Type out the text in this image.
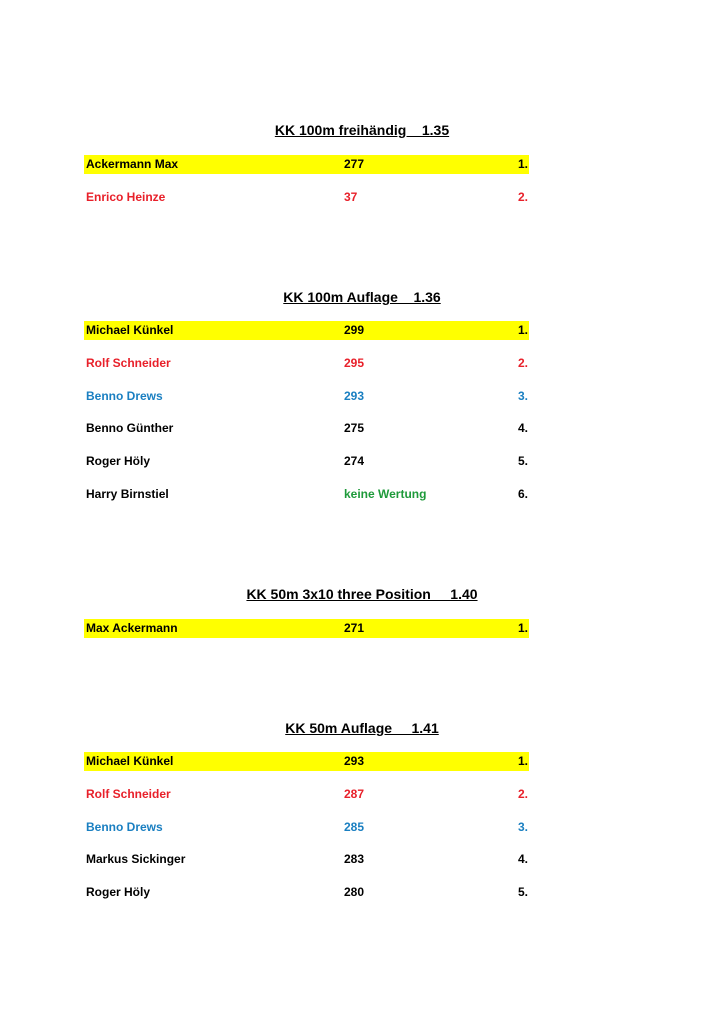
KK 100m freihändig    1.35
Ackermann Max	277	1.
Enrico Heinze	37	2.
KK 100m Auflage    1.36
Michael Künkel	299	1.
Rolf Schneider	295	2.
Benno Drews	293	3.
Benno Günther	275	4.
Roger Höly	274	5.
Harry Birnstiel	keine Wertung	6.
KK 50m 3x10 three Position     1.40
Max Ackermann	271	1.
KK 50m Auflage     1.41
Michael Künkel	293	1.
Rolf Schneider	287	2.
Benno Drews	285	3.
Markus Sickinger	283	4.
Roger Höly	280	5.
